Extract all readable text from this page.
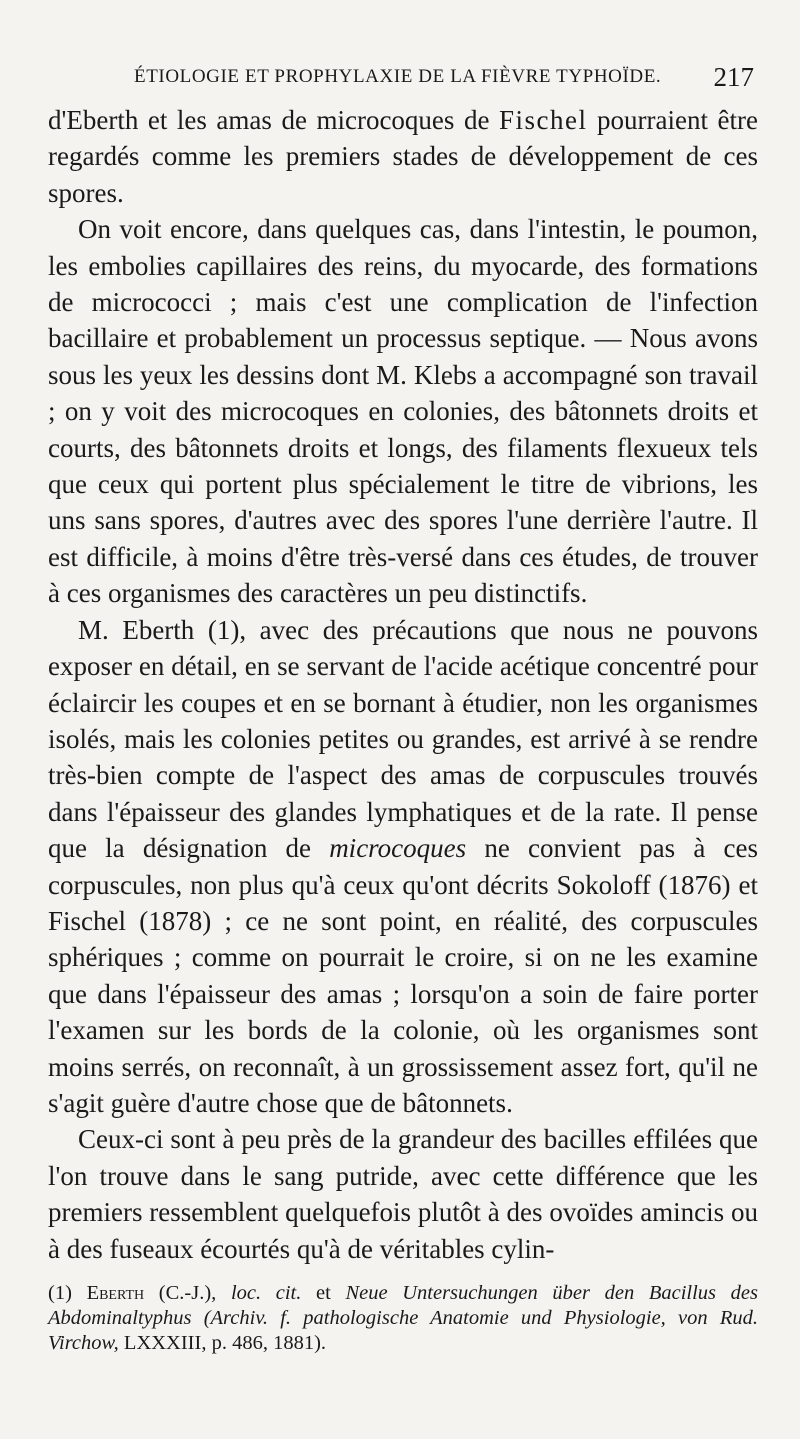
ÉTIOLOGIE ET PROPHYLAXIE DE LA FIÈVRE TYPHOÏDE. 217

d'Eberth et les amas de microcoques de Fischel pourraient être regardés comme les premiers stades de développement de ces spores.

On voit encore, dans quelques cas, dans l'intestin, le poumon, les embolies capillaires des reins, du myocarde, des formations de micrococci ; mais c'est une complication de l'infection bacillaire et probablement un processus septique. — Nous avons sous les yeux les dessins dont M. Klebs a accompagné son travail ; on y voit des microcoques en colonies, des bâtonnets droits et courts, des bâtonnets droits et longs, des filaments flexueux tels que ceux qui portent plus spécialement le titre de vibrions, les uns sans spores, d'autres avec des spores l'une derrière l'autre. Il est difficile, à moins d'être très-versé dans ces études, de trouver à ces organismes des caractères un peu distinctifs.

M. Eberth (1), avec des précautions que nous ne pouvons exposer en détail, en se servant de l'acide acétique concentré pour éclaircir les coupes et en se bornant à étudier, non les organismes isolés, mais les colonies petites ou grandes, est arrivé à se rendre très-bien compte de l'aspect des amas de corpuscules trouvés dans l'épaisseur des glandes lymphatiques et de la rate. Il pense que la désignation de microcoques ne convient pas à ces corpuscules, non plus qu'à ceux qu'ont décrits Sokoloff (1876) et Fischel (1878) ; ce ne sont point, en réalité, des corpuscules sphériques ; comme on pourrait le croire, si on ne les examine que dans l'épaisseur des amas ; lorsqu'on a soin de faire porter l'examen sur les bords de la colonie, où les organismes sont moins serrés, on reconnaît, à un grossissement assez fort, qu'il ne s'agit guère d'autre chose que de bâtonnets.

Ceux-ci sont à peu près de la grandeur des bacilles effilées que l'on trouve dans le sang putride, avec cette différence que les premiers ressemblent quelquefois plutôt à des ovoïdes amincis ou à des fuseaux écourtés qu'à de véritables cylin-

(1) Eberth (C.-J.), loc. cit. et Neue Untersuchungen über den Bacillus des Abdominaltyphus (Archiv. f. pathologische Anatomie und Physiologie, von Rud. Virchow, LXXXIII, p. 486, 1881).
